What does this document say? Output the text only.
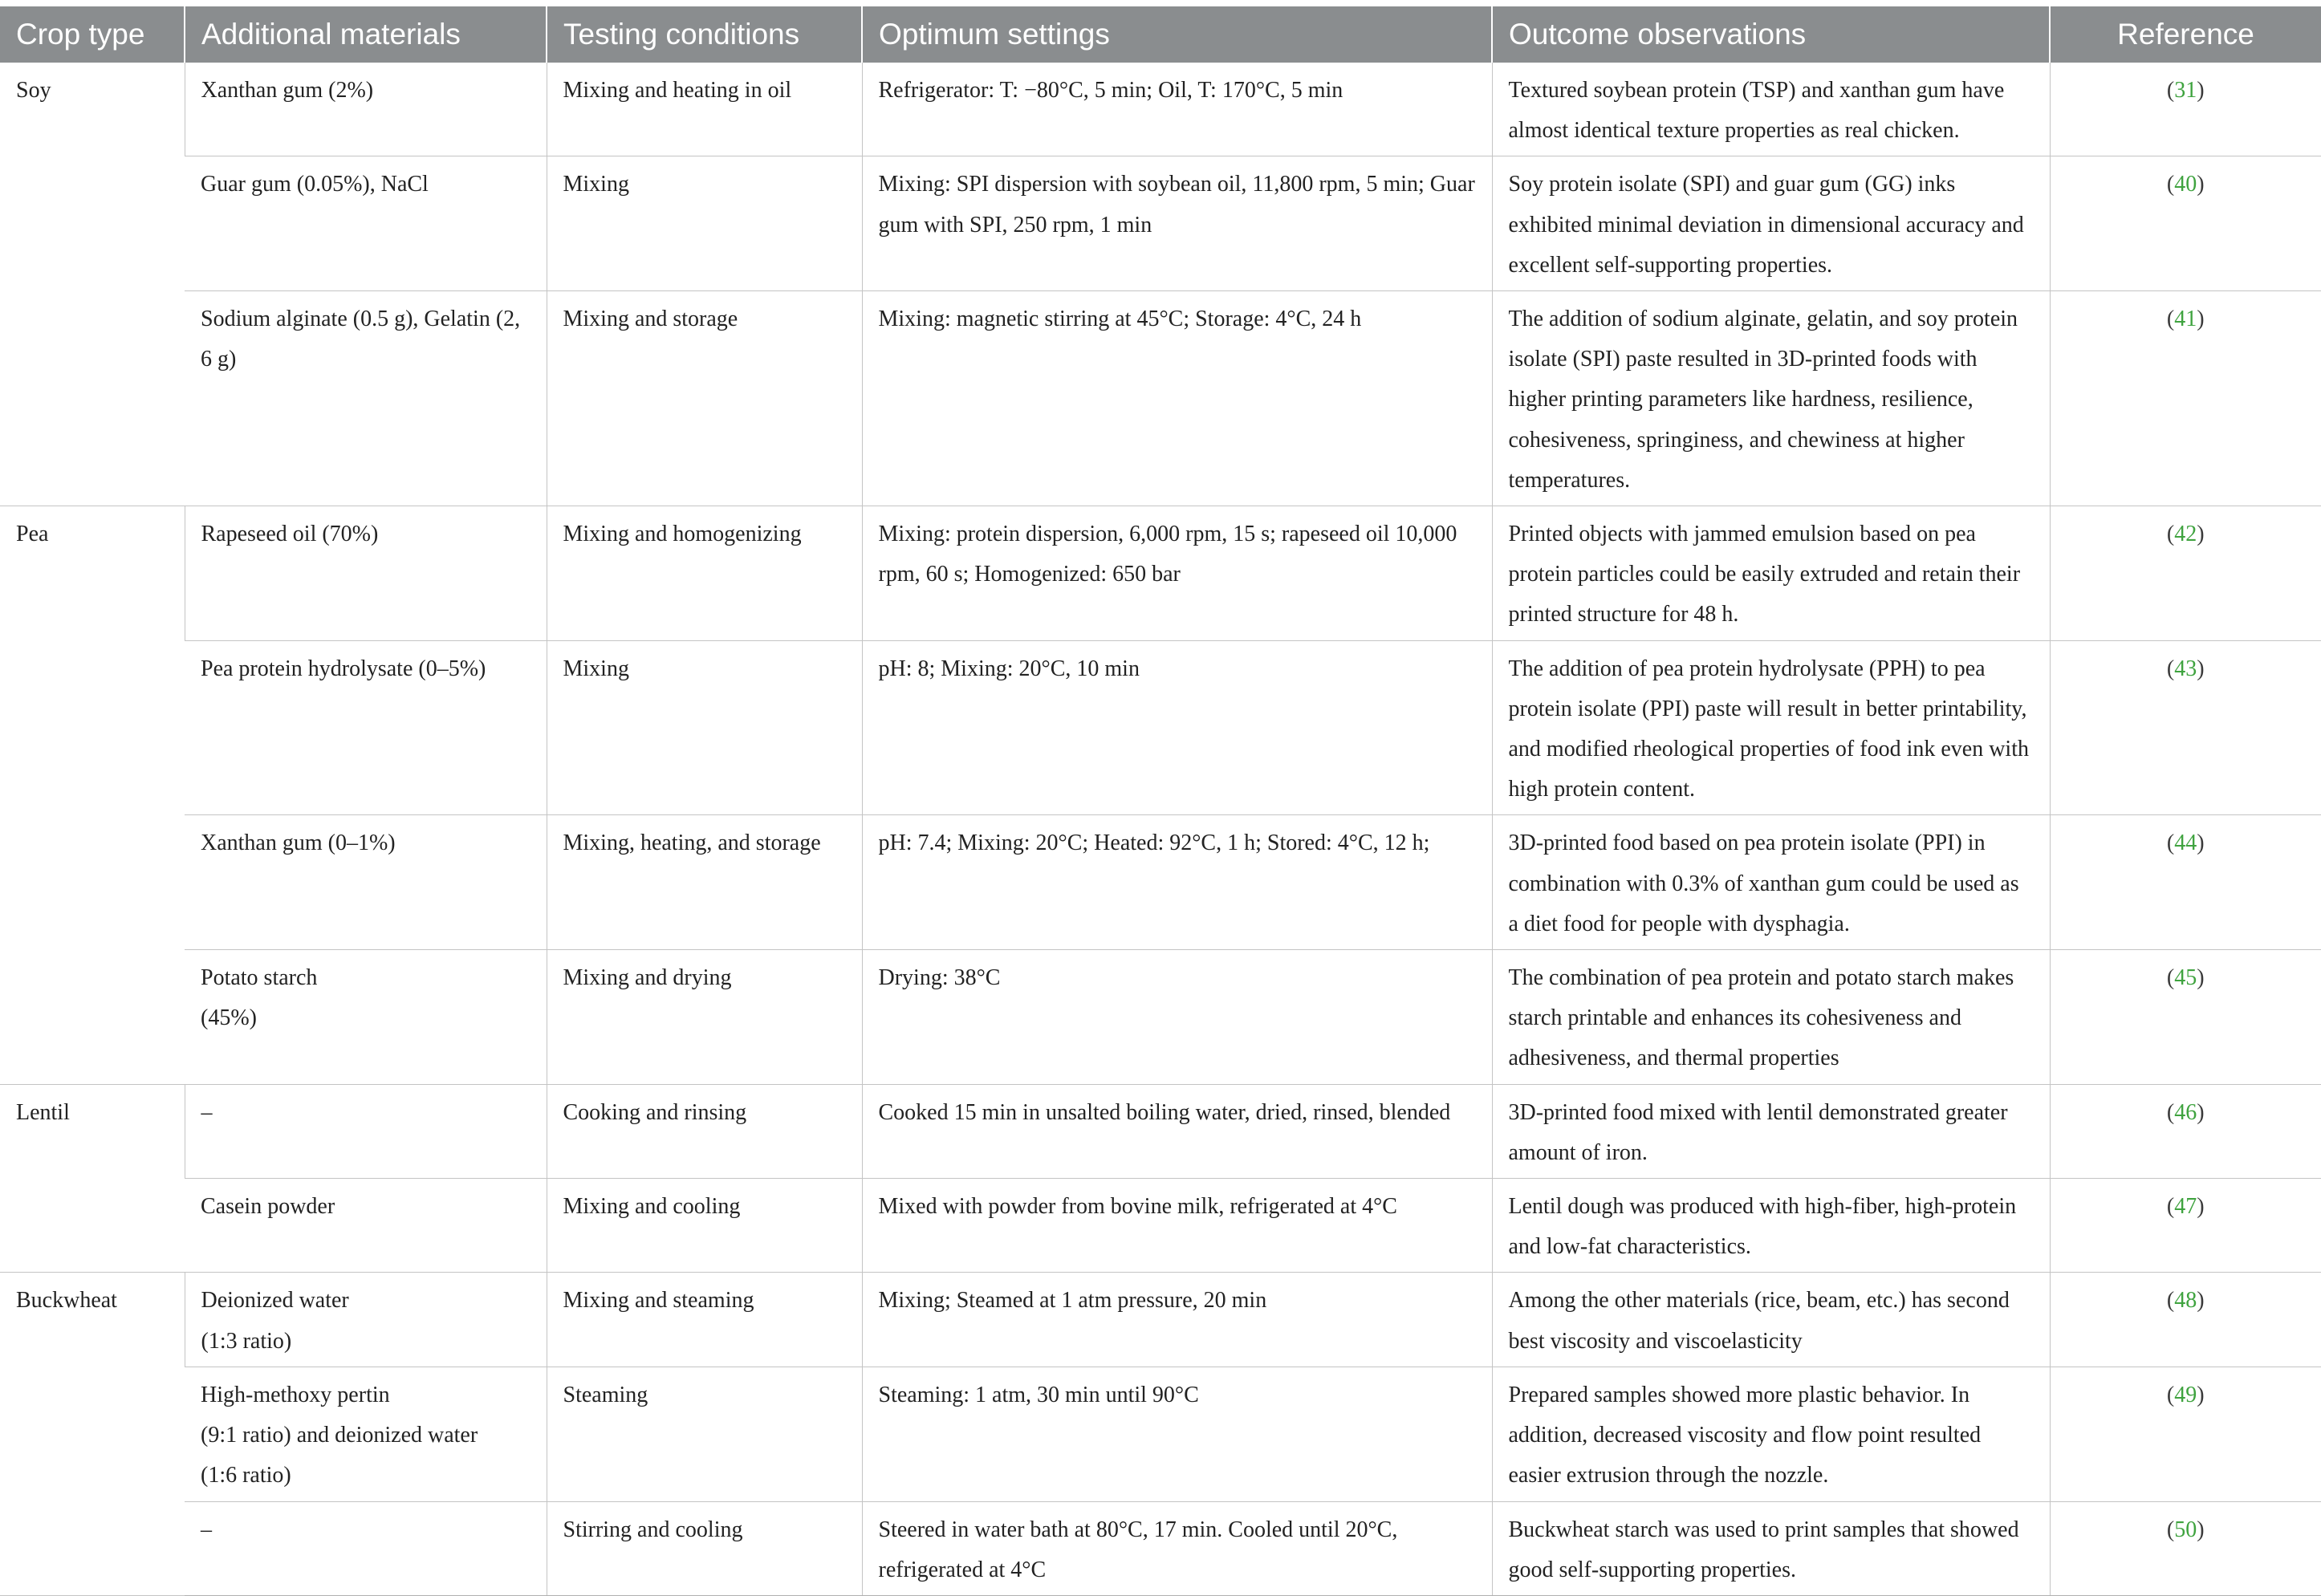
Crop type	Additional materials	Testing conditions	Optimum settings	Outcome observations	Reference
Soy	Xanthan gum (2%)	Mixing and heating in oil	Refrigerator: T: −80°C, 5 min; Oil, T: 170°C, 5 min	Textured soybean protein (TSP) and xanthan gum have almost identical texture properties as real chicken.	(31)
	Guar gum (0.05%), NaCl	Mixing	Mixing: SPI dispersion with soybean oil, 11,800 rpm, 5 min; Guar gum with SPI, 250 rpm, 1 min	Soy protein isolate (SPI) and guar gum (GG) inks exhibited minimal deviation in dimensional accuracy and excellent self-supporting properties.	(40)
	Sodium alginate (0.5 g), Gelatin (2, 6 g)	Mixing and storage	Mixing: magnetic stirring at 45°C; Storage: 4°C, 24 h	The addition of sodium alginate, gelatin, and soy protein isolate (SPI) paste resulted in 3D-printed foods with higher printing parameters like hardness, resilience, cohesiveness, springiness, and chewiness at higher temperatures.	(41)
Pea	Rapeseed oil (70%)	Mixing and homogenizing	Mixing: protein dispersion, 6,000 rpm, 15 s; rapeseed oil 10,000 rpm, 60 s; Homogenized: 650 bar	Printed objects with jammed emulsion based on pea protein particles could be easily extruded and retain their printed structure for 48 h.	(42)
	Pea protein hydrolysate (0–5%)	Mixing	pH: 8; Mixing: 20°C, 10 min	The addition of pea protein hydrolysate (PPH) to pea protein isolate (PPI) paste will result in better printability, and modified rheological properties of food ink even with high protein content.	(43)
	Xanthan gum (0–1%)	Mixing, heating, and storage	pH: 7.4; Mixing: 20°C; Heated: 92°C, 1 h; Stored: 4°C, 12 h;	3D-printed food based on pea protein isolate (PPI) in combination with 0.3% of xanthan gum could be used as a diet food for people with dysphagia.	(44)
	Potato starch
(45%)	Mixing and drying	Drying: 38°C	The combination of pea protein and potato starch makes starch printable and enhances its cohesiveness and adhesiveness, and thermal properties	(45)
Lentil	–	Cooking and rinsing	Cooked 15 min in unsalted boiling water, dried, rinsed, blended	3D-printed food mixed with lentil demonstrated greater amount of iron.	(46)
	Casein powder	Mixing and cooling	Mixed with powder from bovine milk, refrigerated at 4°C	Lentil dough was produced with high-fiber, high-protein and low-fat characteristics.	(47)
Buckwheat	Deionized water
(1:3 ratio)	Mixing and steaming	Mixing; Steamed at 1 atm pressure, 20 min	Among the other materials (rice, beam, etc.) has second best viscosity and viscoelasticity	(48)
	High-methoxy pertin
(9:1 ratio) and deionized water
(1:6 ratio)	Steaming	Steaming: 1 atm, 30 min until 90°C	Prepared samples showed more plastic behavior. In addition, decreased viscosity and flow point resulted easier extrusion through the nozzle.	(49)
	–	Stirring and cooling	Steered in water bath at 80°C, 17 min. Cooled until 20°C, refrigerated at 4°C	Buckwheat starch was used to print samples that showed good self-supporting properties.	(50)
